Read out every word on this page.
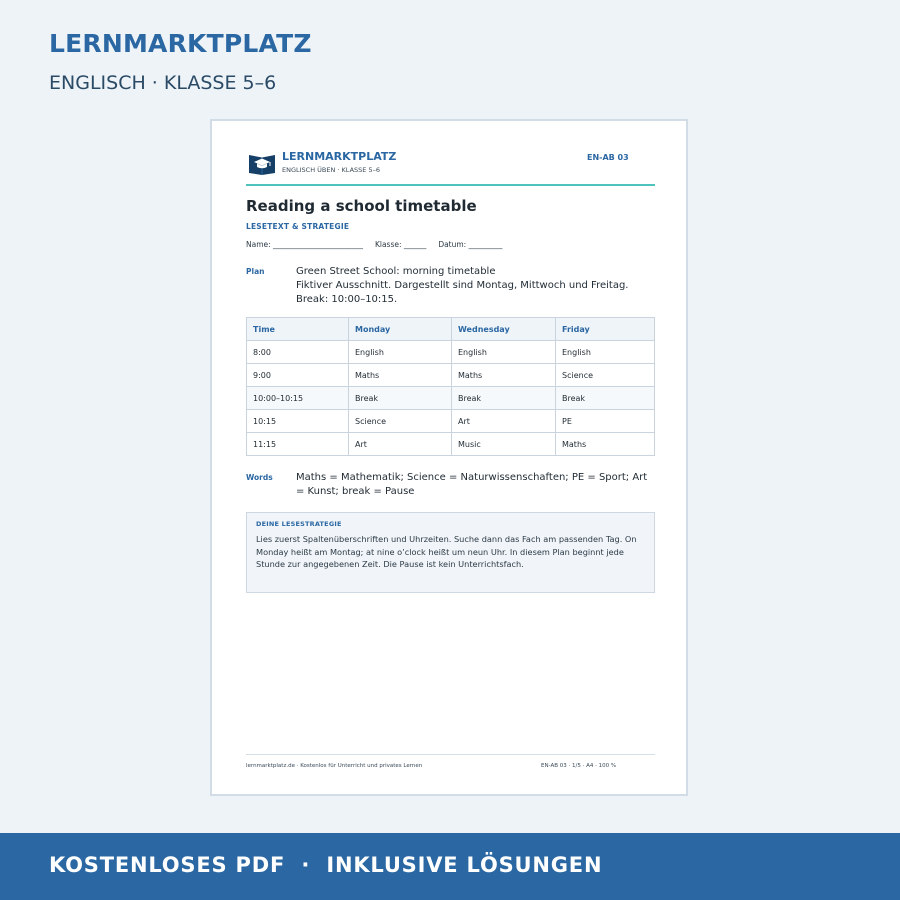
LERNMARKTPLATZ
ENGLISCH · KLASSE 5–6
LERNMARKTPLATZ
ENGLISCH ÜBEN · KLASSE 5–6
EN-AB 03
Reading a school timetable
LESETEXT & STRATEGIE
Name: ________________________     Klasse: ______     Datum: _________
Plan	Green Street School: morning timetable
Fiktiver Ausschnitt. Dargestellt sind Montag, Mittwoch und Freitag. Break: 10:00–10:15.
Time	Monday	Wednesday	Friday
8:00	English	English	English
9:00	Maths	Maths	Science
10:00–10:15	Break	Break	Break
10:15	Science	Art	PE
11:15	Art	Music	Maths
Words Maths = Mathematik; Science = Naturwissenschaften; PE = Sport; Art = Kunst; break = Pause
DEINE LESESTRATEGIE
Lies zuerst Spaltenüberschriften und Uhrzeiten. Suche dann das Fach am passenden Tag. On Monday heißt am Montag; at nine o’clock heißt um neun Uhr. In diesem Plan beginnt jede Stunde zur angegebenen Zeit. Die Pause ist kein Unterrichtsfach.
lernmarktplatz.de · Kostenlos für Unterricht und privates Lernen	EN-AB 03 · 1/5 · A4 · 100 %
KOSTENLOSES PDF  ·  INKLUSIVE LÖSUNGEN
